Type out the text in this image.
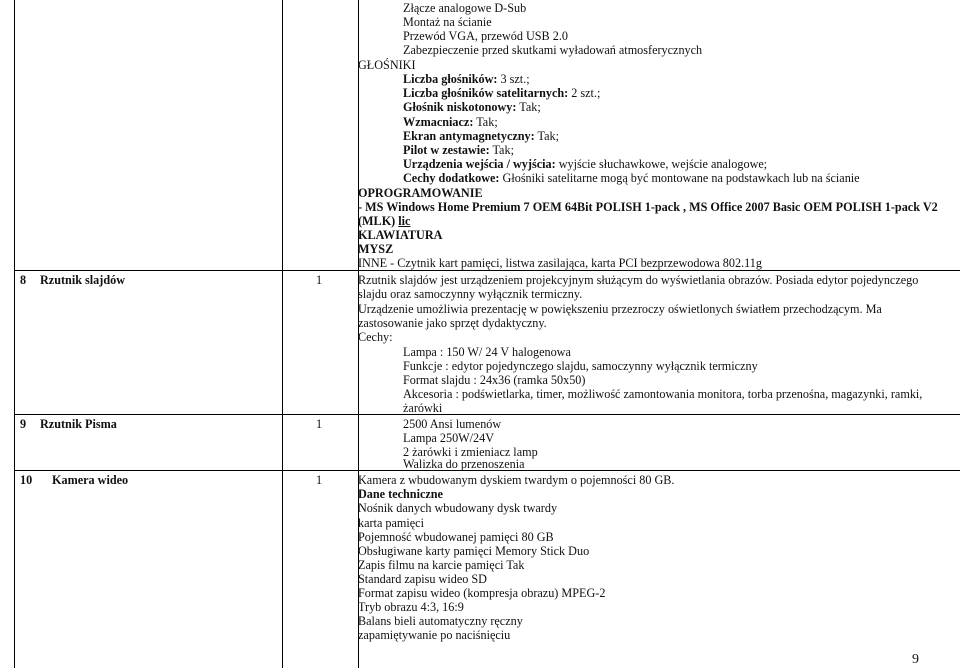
Złącze analogowe D-Sub
Montaż na ścianie
Przewód VGA, przewód USB 2.0
Zabezpieczenie przed skutkami wyładowań atmosferycznych
GŁOŚNIKI
Liczba głośników: 3 szt.;
Liczba głośników satelitarnych: 2 szt.;
Głośnik niskotonowy: Tak;
Wzmacniacz: Tak;
Ekran antymagnetyczny: Tak;
Pilot w zestawie: Tak;
Urządzenia wejścia / wyjścia: wyjście słuchawkowe, wejście analogowe;
Cechy dodatkowe: Głośniki satelitarne mogą być montowane na podstawkach lub na ścianie
OPROGRAMOWANIE
- MS Windows Home Premium 7 OEM 64Bit POLISH 1-pack , MS Office 2007 Basic OEM POLISH 1-pack V2
(MLK) lic
KLAWIATURA
MYSZ
INNE - Czytnik kart pamięci, listwa zasilająca, karta PCI bezprzewodowa 802.11g
8 Rzutnik slajdów	1	Rzutnik slajdów jest urządzeniem projekcyjnym służącym do wyświetlania obrazów. Posiada edytor pojedynczego
slajdu oraz samoczynny wyłącznik termiczny.
Urządzenie umożliwia prezentację w powiększeniu przezroczy oświetlonych światłem przechodzącym. Ma
zastosowanie jako sprzęt dydaktyczny.
Cechy:
Lampa : 150 W/ 24 V halogenowa
Funkcje : edytor pojedynczego slajdu, samoczynny wyłącznik termiczny
Format slajdu : 24x36 (ramka 50x50)
Akcesoria : podświetlarka, timer, możliwość zamontowania monitora, torba przenośna, magazynki, ramki,
żarówki
9 Rzutnik Pisma	1	2500 Ansi lumenów
Lampa 250W/24V
2 żarówki i zmieniacz lamp
Walizka do przenoszenia
10 Kamera wideo	1	Kamera z wbudowanym dyskiem twardym o pojemności 80 GB.
Dane techniczne
Nośnik danych wbudowany dysk twardy
karta pamięci
Pojemność wbudowanej pamięci 80 GB
Obsługiwane karty pamięci Memory Stick Duo
Zapis filmu na karcie pamięci Tak
Standard zapisu wideo SD
Format zapisu wideo (kompresja obrazu) MPEG-2
Tryb obrazu 4:3, 16:9
Balans bieli automatyczny ręczny
zapamiętywanie po naciśnięciu
9
